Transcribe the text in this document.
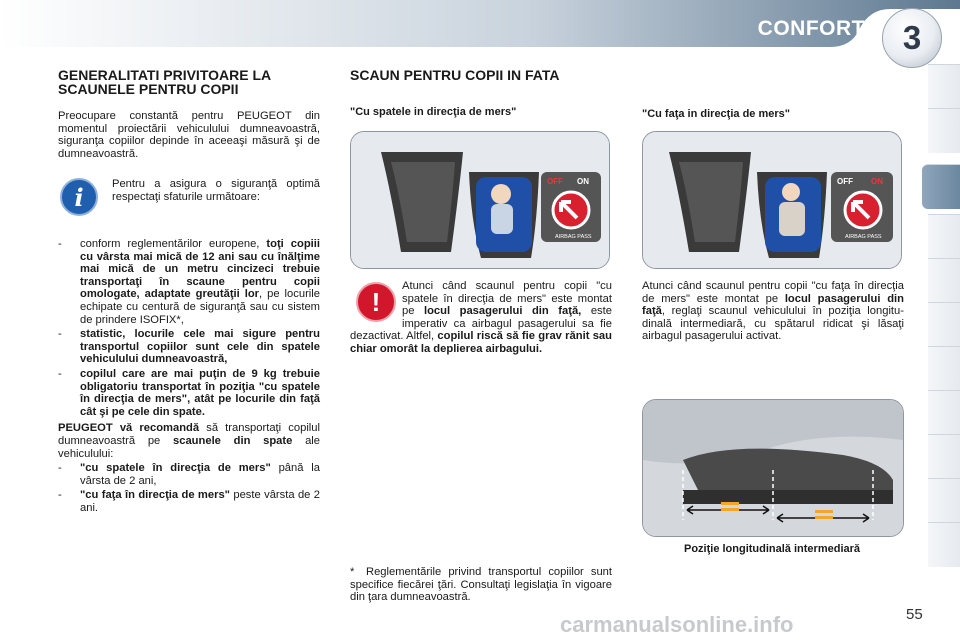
CONFORT	3
GENERALITATI PRIVITOARE LA SCAUNELE PENTRU COPII
Preocupare constantă pentru PEUGEOT din momentul proiectării vehiculului dumneavoastră, siguranţa copiilor depinde în aceeaşi măsură şi de dumneavoastră.
i	Pentru a asigura o siguranţă optimă respectaţi sfaturile următoare:
- conform reglementărilor europene, toţi copiii cu vârsta mai mică de 12 ani sau cu înălţime mai mică de un metru cincizeci trebuie transportaţi în scaune pentru copii omologate, adaptate greutăţii lor, pe locurile echipate cu centură de siguranţă sau cu sistem de prindere ISOFIX*,
- statistic, locurile cele mai sigure pentru transportul copiilor sunt cele din spatele vehiculului dumneavoastră,
- copilul care are mai puţin de 9 kg trebuie obligatoriu transportat în poziţia "cu spatele în direcţia de mers", atât pe locurile din faţă cât şi pe cele din spate.
PEUGEOT vă recomandă să transportaţi copilul dumneavoastră pe scaunele din spate ale vehiculului:
- "cu spatele în direcţia de mers" până la vârsta de 2 ani,
- "cu faţa în direcţia de mers" peste vârsta de 2 ani.
SCAUN PENTRU COPII IN FATA
"Cu spatele in direcţia de mers"	"Cu faţa in direcţia de mers"
OFF ON
AIRBAG PASS
OFF ON
AIRBAG PASS
!
Atunci când scaunul pentru copii "cu spatele în direcţia de mers" este montat pe locul pasagerului din faţă, este imperativ ca airbagul pasagerului sa fie dezactivat. Altfel, copilul riscă să fie grav rănit sau chiar omorât la deplierea airbagului.
Atunci când scaunul pentru copii "cu faţa în direcţia de mers" este montat pe locul pasagerului din faţă, reglaţi scaunul vehiculului în poziţia longitudinală intermediară, cu spătarul ridicat şi lăsaţi airbagul pasagerului activat.
Poziţie longitudinală intermediară
* Reglementările privind transportul copiilor sunt specifice fiecărei ţări. Consultaţi legislaţia în vigoare din ţara dumneavoastră.
carmanualsonline.info	55
